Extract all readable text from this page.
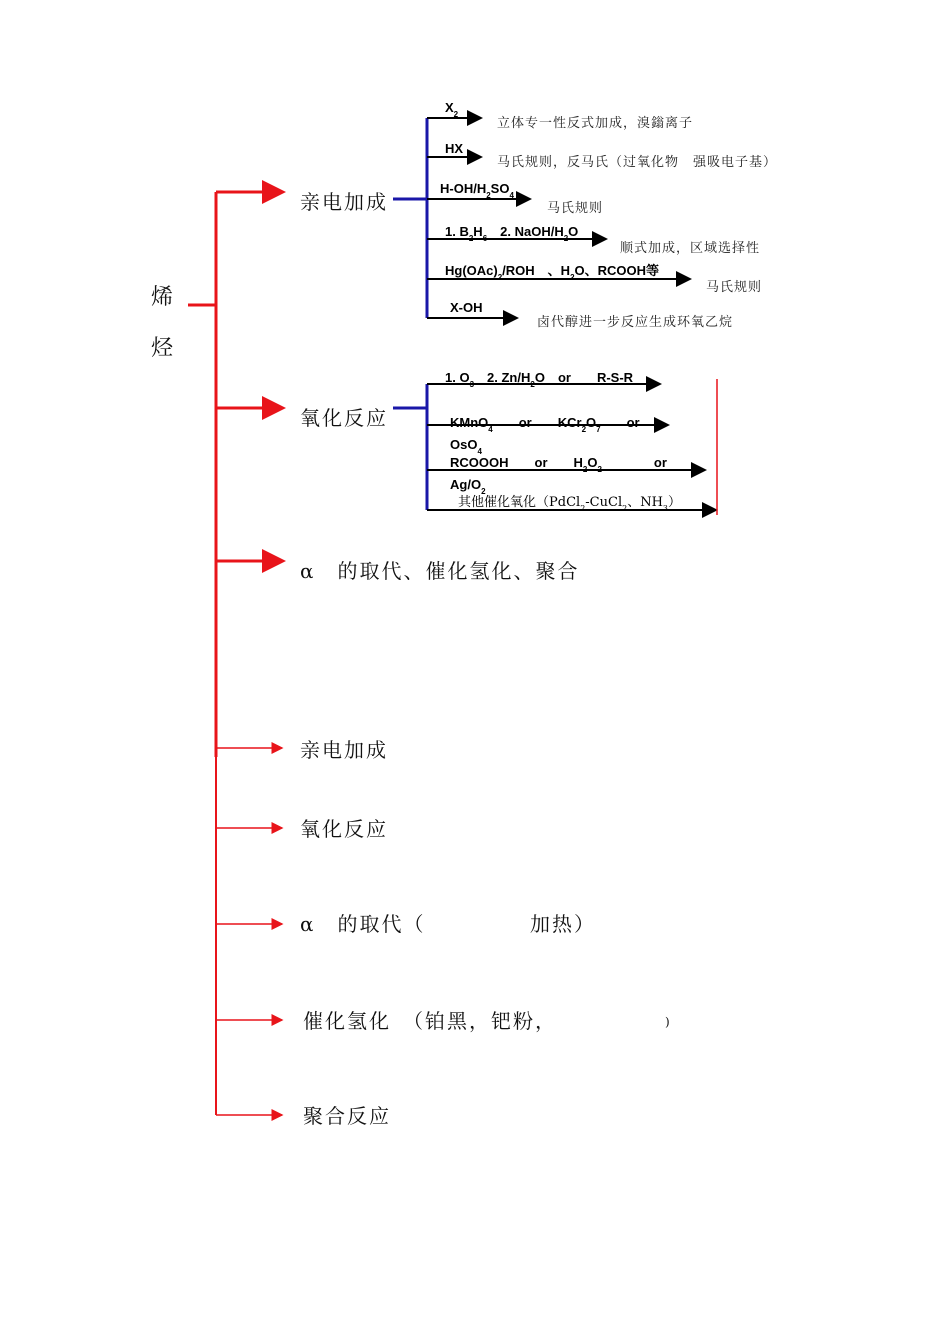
烯
烃
亲电加成
氧化反应
α　的取代、催化氢化、聚合
$X_2$
立体专一性反式加成，溴鎓离子
HX
马氏规则，反马氏（过氧化物　强吸电子基）
$H-OH/H_2SO_4$
马氏规则
1. $B_2H_6$　2. NaOH/$H_2O$
顺式加成，区域选择性
$Hg(OAc)_2$/ROH　、$H_2O$、RCOOH等
马氏规则
X-OH
卤代醇进一步反应生成环氧乙烷
1. $O_3$　2. $Zn/H_2O$　or　　R-S-R
KMnO$_4$　　or　　$KCr_2O_7$　　or
OsO$_4$
RCOOOH　　or　　$H_2O_2$　　　　or
$Ag/O_2$
其他催化氧化（PdCl$_2$-CuCl$_2$、$NH_3$）
亲电加成
氧化反应
α　的取代（	加热）
催化氢化　（铂黑，钯粉，	)
聚合反应
